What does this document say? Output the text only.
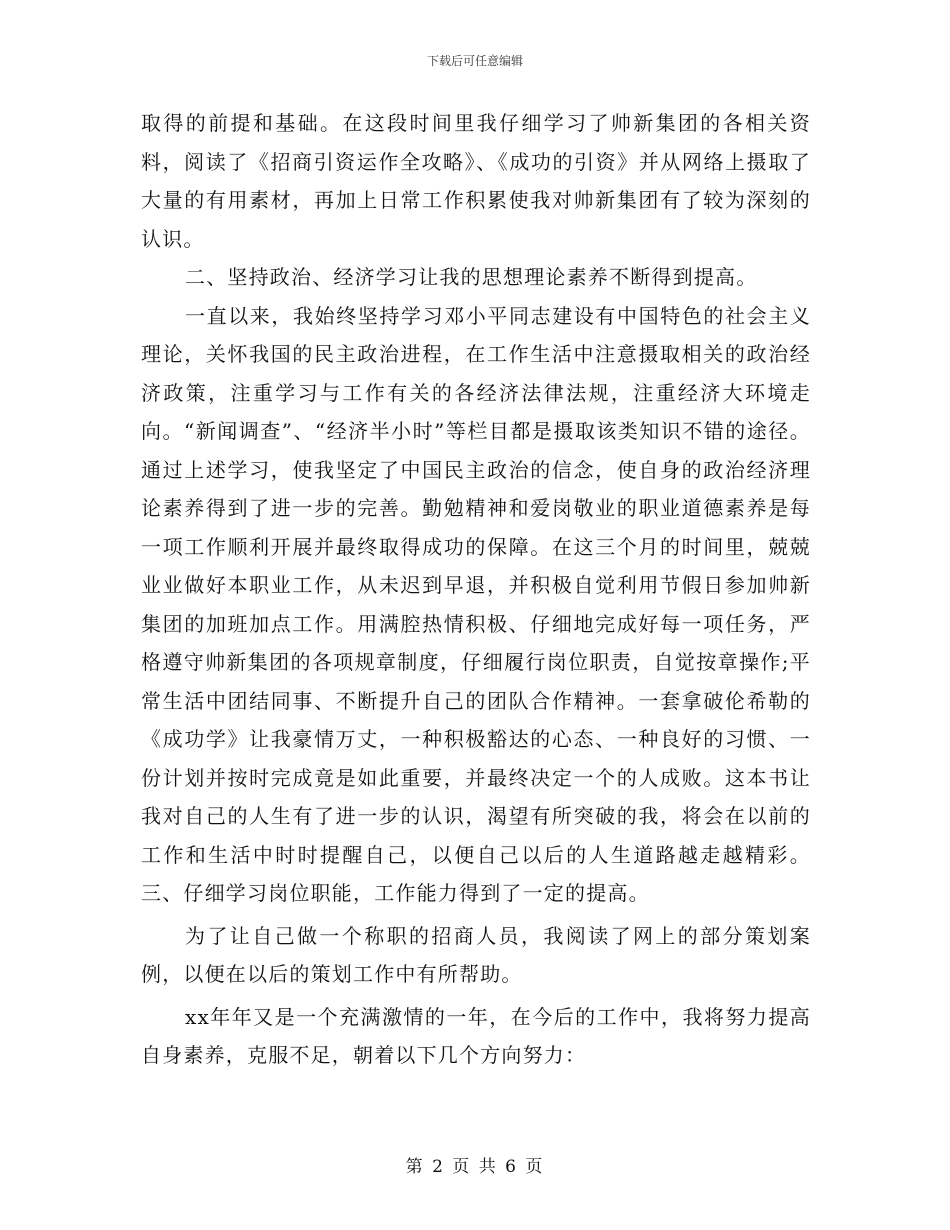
下载后可任意编辑

取得的前提和基础。在这段时间里我仔细学习了帅新集团的各相关资料，阅读了《招商引资运作全攻略》、《成功的引资》并从网络上摄取了大量的有用素材，再加上日常工作积累使我对帅新集团有了较为深刻的认识。

二、坚持政治、经济学习让我的思想理论素养不断得到提高。

一直以来，我始终坚持学习邓小平同志建设有中国特色的社会主义理论，关怀我国的民主政治进程，在工作生活中注意摄取相关的政治经济政策，注重学习与工作有关的各经济法律法规，注重经济大环境走向。“新闻调查”、“经济半小时”等栏目都是摄取该类知识不错的途径。通过上述学习，使我坚定了中国民主政治的信念，使自身的政治经济理论素养得到了进一步的完善。勤勉精神和爱岗敬业的职业道德素养是每一项工作顺利开展并最终取得成功的保障。在这三个月的时间里，兢兢业业做好本职业工作，从未迟到早退，并积极自觉利用节假日参加帅新集团的加班加点工作。用满腔热情积极、仔细地完成好每一项任务，严格遵守帅新集团的各项规章制度，仔细履行岗位职责，自觉按章操作;平常生活中团结同事、不断提升自己的团队合作精神。一套拿破伦希勒的《成功学》让我豪情万丈，一种积极豁达的心态、一种良好的习惯、一份计划并按时完成竟是如此重要，并最终决定一个的人成败。这本书让我对自己的人生有了进一步的认识，渴望有所突破的我，将会在以前的工作和生活中时时提醒自己，以便自己以后的人生道路越走越精彩。 三、仔细学习岗位职能，工作能力得到了一定的提高。

为了让自己做一个称职的招商人员，我阅读了网上的部分策划案例，以便在以后的策划工作中有所帮助。

xx年年又是一个充满激情的一年，在今后的工作中，我将努力提高自身素养，克服不足，朝着以下几个方向努力：

第 2 页 共 6 页
